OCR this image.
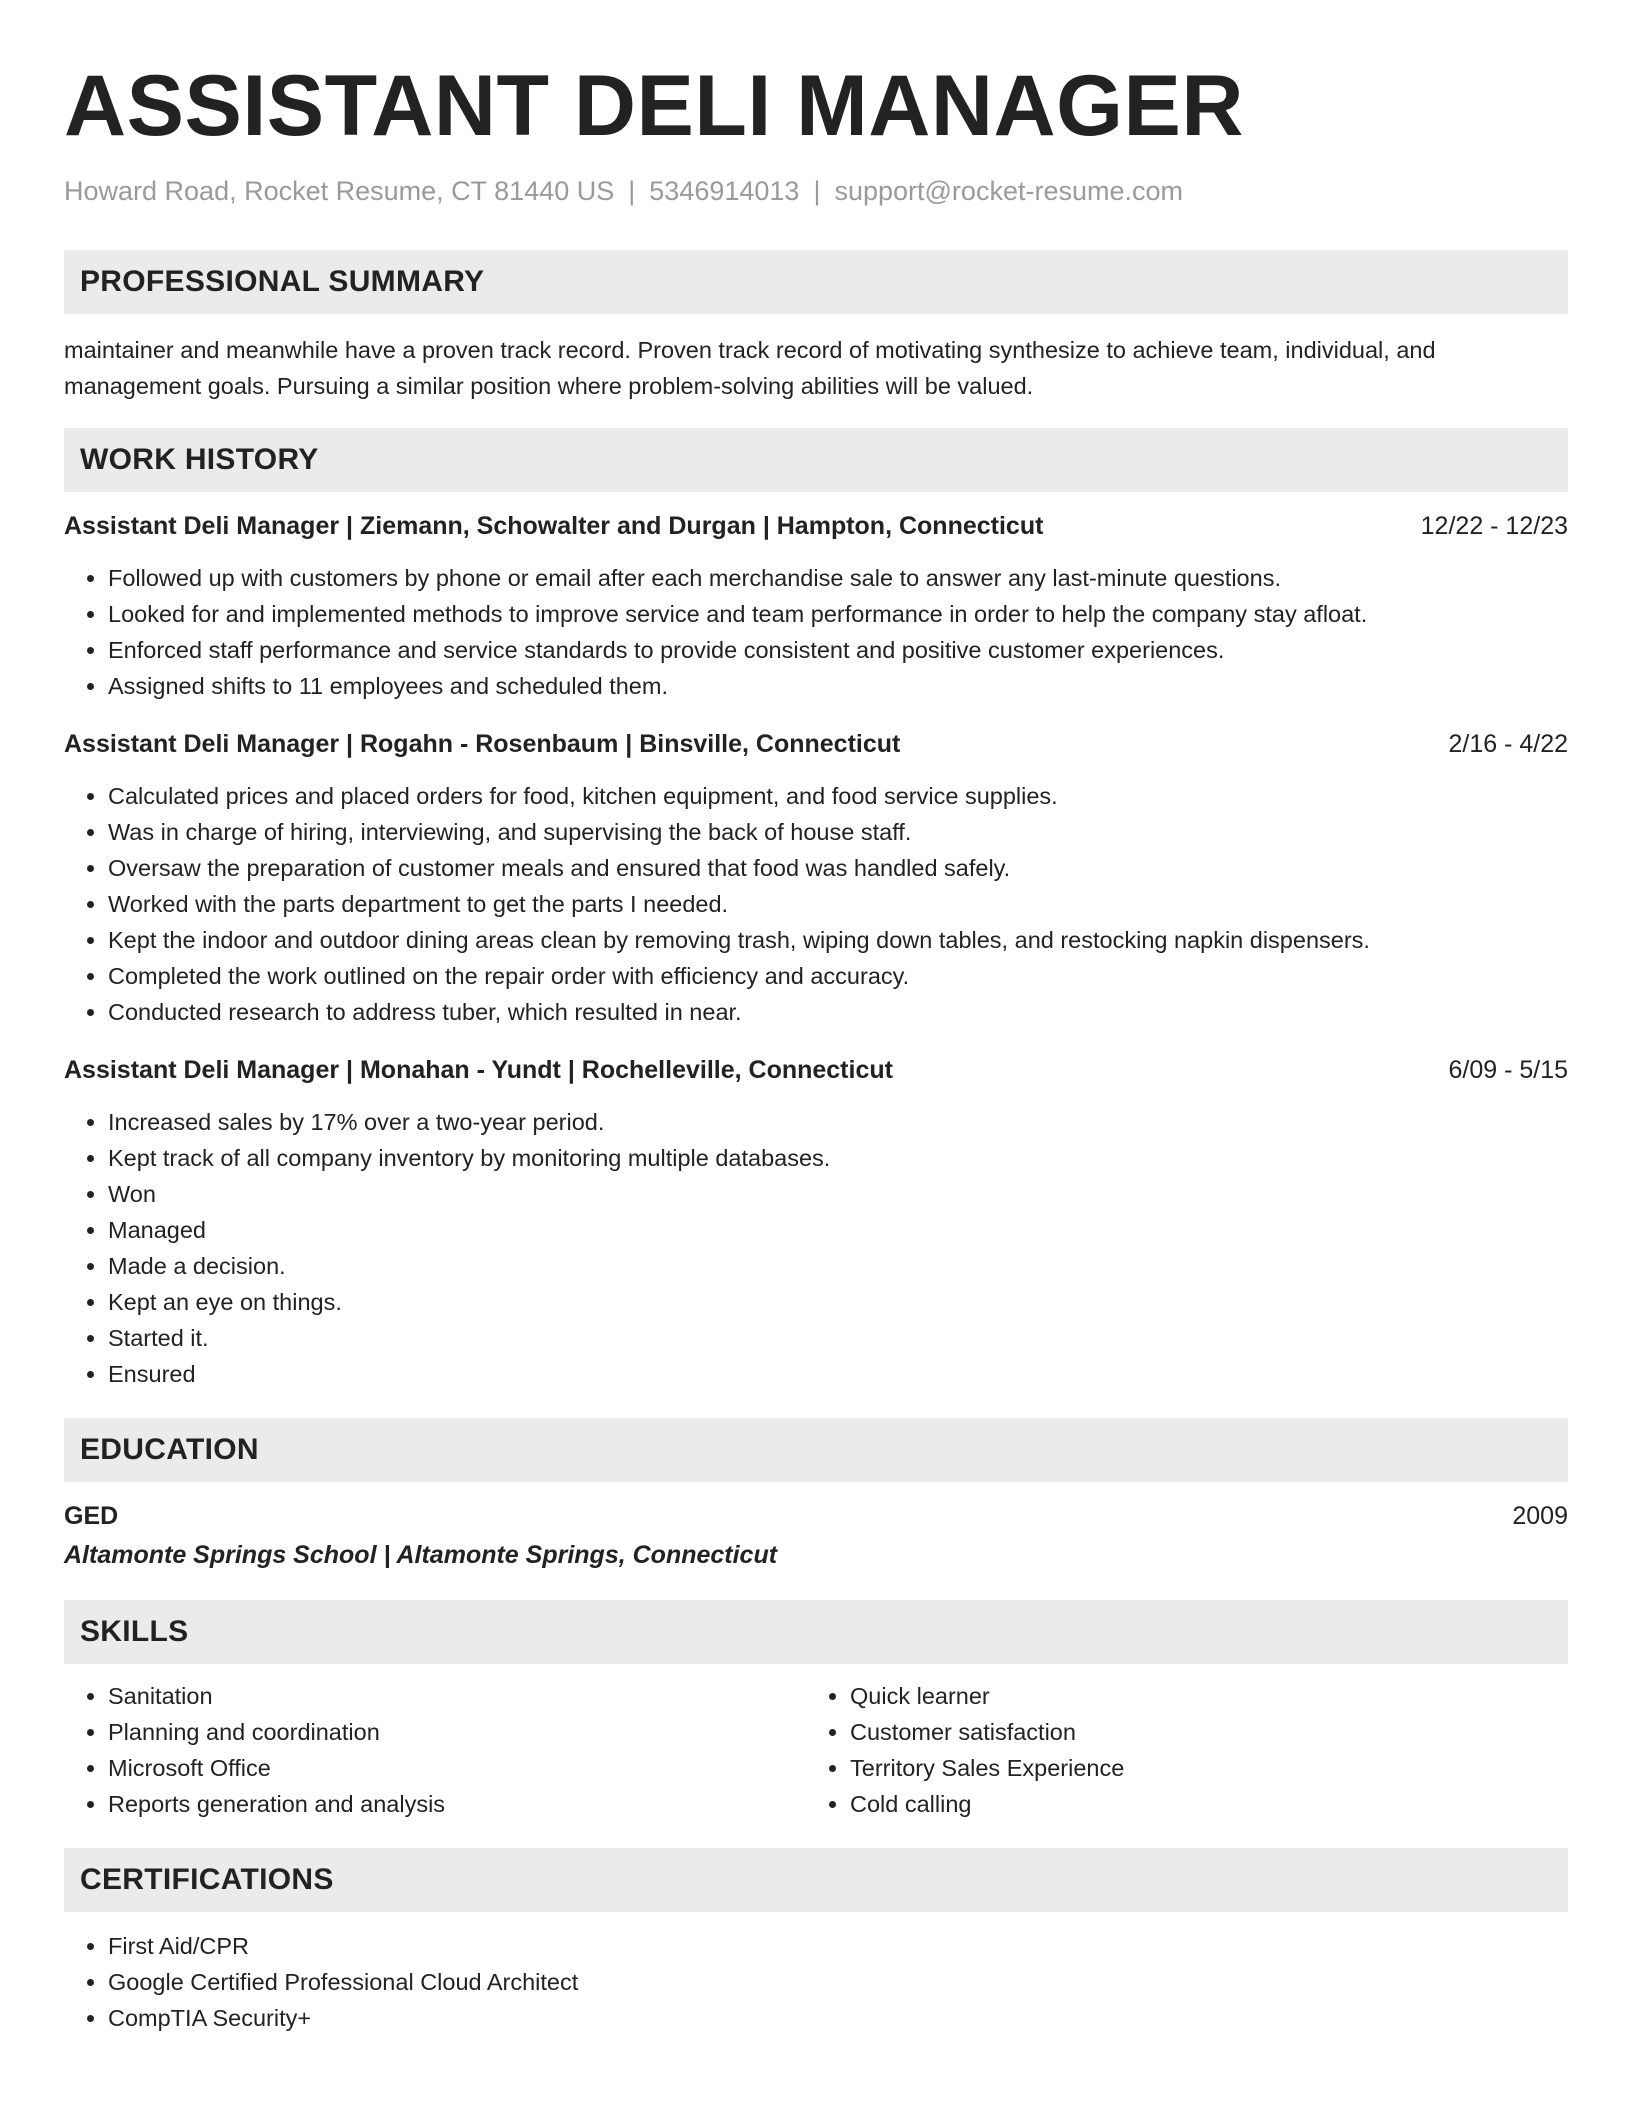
ASSISTANT DELI MANAGER
Howard Road, Rocket Resume, CT 81440 US | 5346914013 | support@rocket-resume.com
PROFESSIONAL SUMMARY
maintainer and meanwhile have a proven track record. Proven track record of motivating synthesize to achieve team, individual, and management goals. Pursuing a similar position where problem-solving abilities will be valued.
WORK HISTORY
Assistant Deli Manager | Ziemann, Schowalter and Durgan | Hampton, Connecticut	12/22 - 12/23
• Followed up with customers by phone or email after each merchandise sale to answer any last-minute questions.
• Looked for and implemented methods to improve service and team performance in order to help the company stay afloat.
• Enforced staff performance and service standards to provide consistent and positive customer experiences.
• Assigned shifts to 11 employees and scheduled them.
Assistant Deli Manager | Rogahn - Rosenbaum | Binsville, Connecticut	2/16 - 4/22
• Calculated prices and placed orders for food, kitchen equipment, and food service supplies.
• Was in charge of hiring, interviewing, and supervising the back of house staff.
• Oversaw the preparation of customer meals and ensured that food was handled safely.
• Worked with the parts department to get the parts I needed.
• Kept the indoor and outdoor dining areas clean by removing trash, wiping down tables, and restocking napkin dispensers.
• Completed the work outlined on the repair order with efficiency and accuracy.
• Conducted research to address tuber, which resulted in near.
Assistant Deli Manager | Monahan - Yundt | Rochelleville, Connecticut	6/09 - 5/15
• Increased sales by 17% over a two-year period.
• Kept track of all company inventory by monitoring multiple databases.
• Won
• Managed
• Made a decision.
• Kept an eye on things.
• Started it.
• Ensured
EDUCATION
GED	2009
Altamonte Springs School | Altamonte Springs, Connecticut
SKILLS
• Sanitation
• Planning and coordination
• Microsoft Office
• Reports generation and analysis
• Quick learner
• Customer satisfaction
• Territory Sales Experience
• Cold calling
CERTIFICATIONS
• First Aid/CPR
• Google Certified Professional Cloud Architect
• CompTIA Security+
